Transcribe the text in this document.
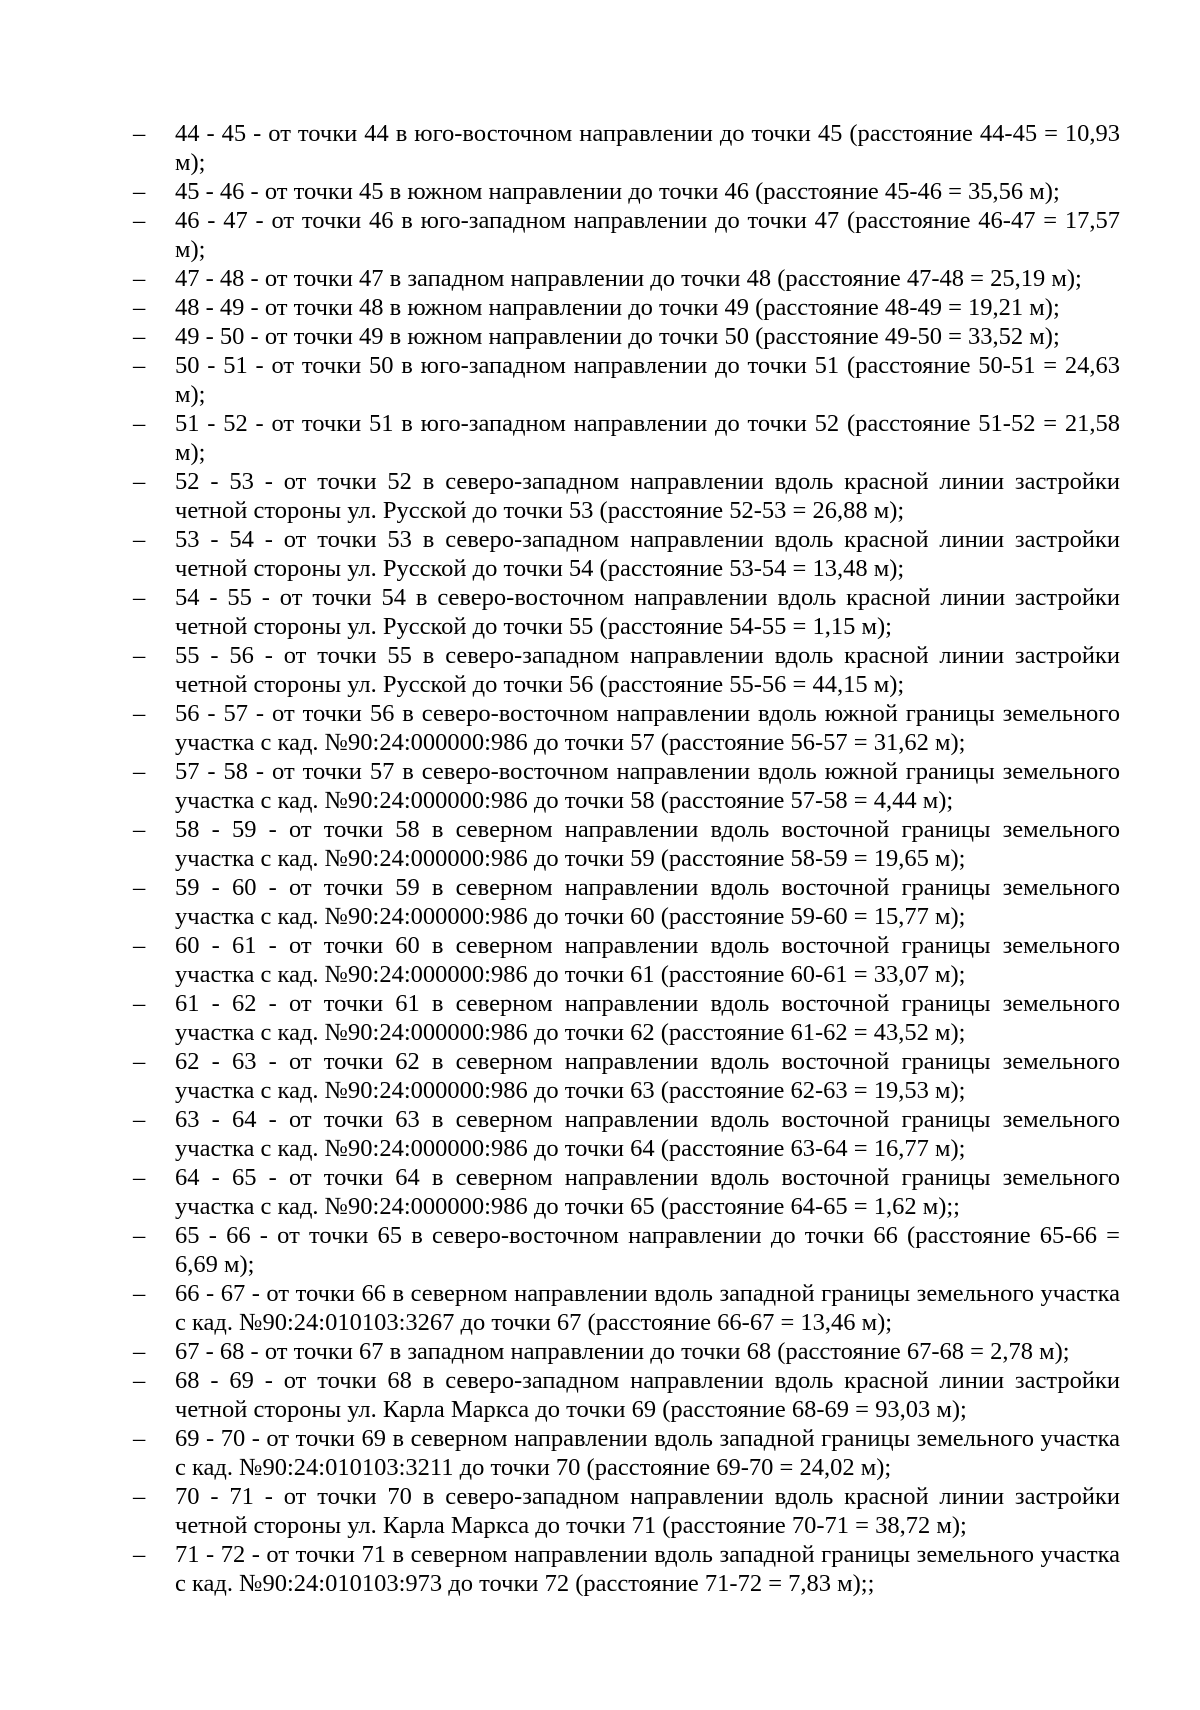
– 44 - 45 - от точки 44 в юго-восточном направлении до точки 45 (расстояние 44-45 = 10,93 м);
– 45 - 46 - от точки 45 в южном направлении до точки 46 (расстояние 45-46 = 35,56 м);
– 46 - 47 - от точки 46 в юго-западном направлении до точки 47 (расстояние 46-47 = 17,57 м);
– 47 - 48 - от точки 47 в западном направлении до точки 48 (расстояние 47-48 = 25,19 м);
– 48 - 49 - от точки 48 в южном направлении до точки 49 (расстояние 48-49 = 19,21 м);
– 49 - 50 - от точки 49 в южном направлении до точки 50 (расстояние 49-50 = 33,52 м);
– 50 - 51 - от точки 50 в юго-западном направлении до точки 51 (расстояние 50-51 = 24,63 м);
– 51 - 52 - от точки 51 в юго-западном направлении до точки 52 (расстояние 51-52 = 21,58 м);
– 52 - 53 - от точки 52 в северо-западном направлении вдоль красной линии застройки четной стороны ул. Русской до точки 53 (расстояние 52-53 = 26,88 м);
– 53 - 54 - от точки 53 в северо-западном направлении вдоль красной линии застройки четной стороны ул. Русской до точки 54 (расстояние 53-54 = 13,48 м);
– 54 - 55 - от точки 54 в северо-восточном направлении вдоль красной линии застройки четной стороны ул. Русской до точки 55 (расстояние 54-55 = 1,15 м);
– 55 - 56 - от точки 55 в северо-западном направлении вдоль красной линии застройки четной стороны ул. Русской до точки 56 (расстояние 55-56 = 44,15 м);
– 56 - 57 - от точки 56 в северо-восточном направлении вдоль южной границы земельного участка с кад. №90:24:000000:986 до точки 57 (расстояние 56-57 = 31,62 м);
– 57 - 58 - от точки 57 в северо-восточном направлении вдоль южной границы земельного участка с кад. №90:24:000000:986 до точки 58 (расстояние 57-58 = 4,44 м);
– 58 - 59 - от точки 58 в северном направлении вдоль восточной границы земельного участка с кад. №90:24:000000:986 до точки 59 (расстояние 58-59 = 19,65 м);
– 59 - 60 - от точки 59 в северном направлении вдоль восточной границы земельного участка с кад. №90:24:000000:986 до точки 60 (расстояние 59-60 = 15,77 м);
– 60 - 61 - от точки 60 в северном направлении вдоль восточной границы земельного участка с кад. №90:24:000000:986 до точки 61 (расстояние 60-61 = 33,07 м);
– 61 - 62 - от точки 61 в северном направлении вдоль восточной границы земельного участка с кад. №90:24:000000:986 до точки 62 (расстояние 61-62 = 43,52 м);
– 62 - 63 - от точки 62 в северном направлении вдоль восточной границы земельного участка с кад. №90:24:000000:986 до точки 63 (расстояние 62-63 = 19,53 м);
– 63 - 64 - от точки 63 в северном направлении вдоль восточной границы земельного участка с кад. №90:24:000000:986 до точки 64 (расстояние 63-64 = 16,77 м);
– 64 - 65 - от точки 64 в северном направлении вдоль восточной границы земельного участка с кад. №90:24:000000:986 до точки 65 (расстояние 64-65 = 1,62 м);;
– 65 - 66 - от точки 65 в северо-восточном направлении до точки 66 (расстояние 65-66 = 6,69 м);
– 66 - 67 - от точки 66 в северном направлении вдоль западной границы земельного участка с кад. №90:24:010103:3267 до точки 67 (расстояние 66-67 = 13,46 м);
– 67 - 68 - от точки 67 в западном направлении до точки 68 (расстояние 67-68 = 2,78 м);
– 68 - 69 - от точки 68 в северо-западном направлении вдоль красной линии застройки четной стороны ул. Карла Маркса до точки 69 (расстояние 68-69 = 93,03 м);
– 69 - 70 - от точки 69 в северном направлении вдоль западной границы земельного участка с кад. №90:24:010103:3211 до точки 70 (расстояние 69-70 = 24,02 м);
– 70 - 71 - от точки 70 в северо-западном направлении вдоль красной линии застройки четной стороны ул. Карла Маркса до точки 71 (расстояние 70-71 = 38,72 м);
– 71 - 72 - от точки 71 в северном направлении вдоль западной границы земельного участка с кад. №90:24:010103:973 до точки 72 (расстояние 71-72 = 7,83 м);;
